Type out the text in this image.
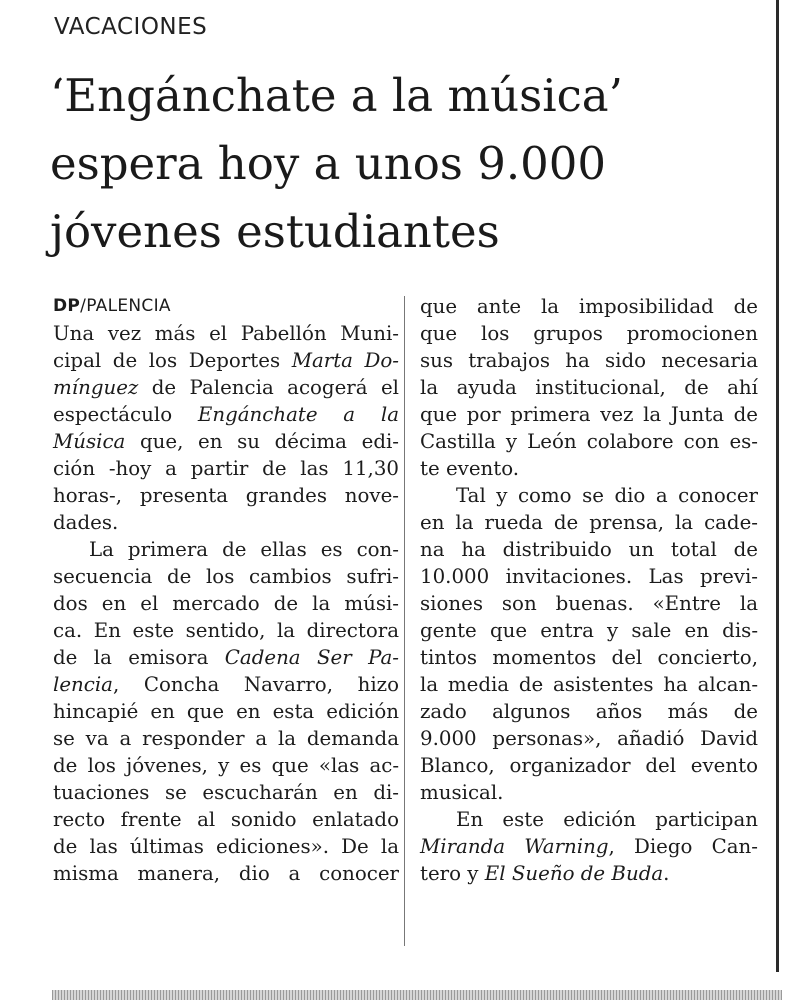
VACACIONES
‘Engánchate a la música’
espera hoy a unos 9.000
jóvenes estudiantes
DP/PALENCIA
Una vez más el Pabellón Muni-
cipal de los Deportes Marta Do-
mínguez de Palencia acogerá el
espectáculo Engánchate a la
Música que, en su décima edi-
ción -hoy a partir de las 11,30
horas-, presenta grandes nove-
dades.
La primera de ellas es con-
secuencia de los cambios sufri-
dos en el mercado de la músi-
ca. En este sentido, la directora
de la emisora Cadena Ser Pa-
lencia, Concha Navarro, hizo
hincapié en que en esta edición
se va a responder a la demanda
de los jóvenes, y es que «las ac-
tuaciones se escucharán en di-
recto frente al sonido enlatado
de las últimas ediciones». De la
misma manera, dio a conocer
que ante la imposibilidad de
que los grupos promocionen
sus trabajos ha sido necesaria
la ayuda institucional, de ahí
que por primera vez la Junta de
Castilla y León colabore con es-
te evento.
Tal y como se dio a conocer
en la rueda de prensa, la cade-
na ha distribuido un total de
10.000 invitaciones. Las previ-
siones son buenas. «Entre la
gente que entra y sale en dis-
tintos momentos del concierto,
la media de asistentes ha alcan-
zado algunos años más de
9.000 personas», añadió David
Blanco, organizador del evento
musical.
En este edición participan
Miranda Warning, Diego Can-
tero y El Sueño de Buda.
